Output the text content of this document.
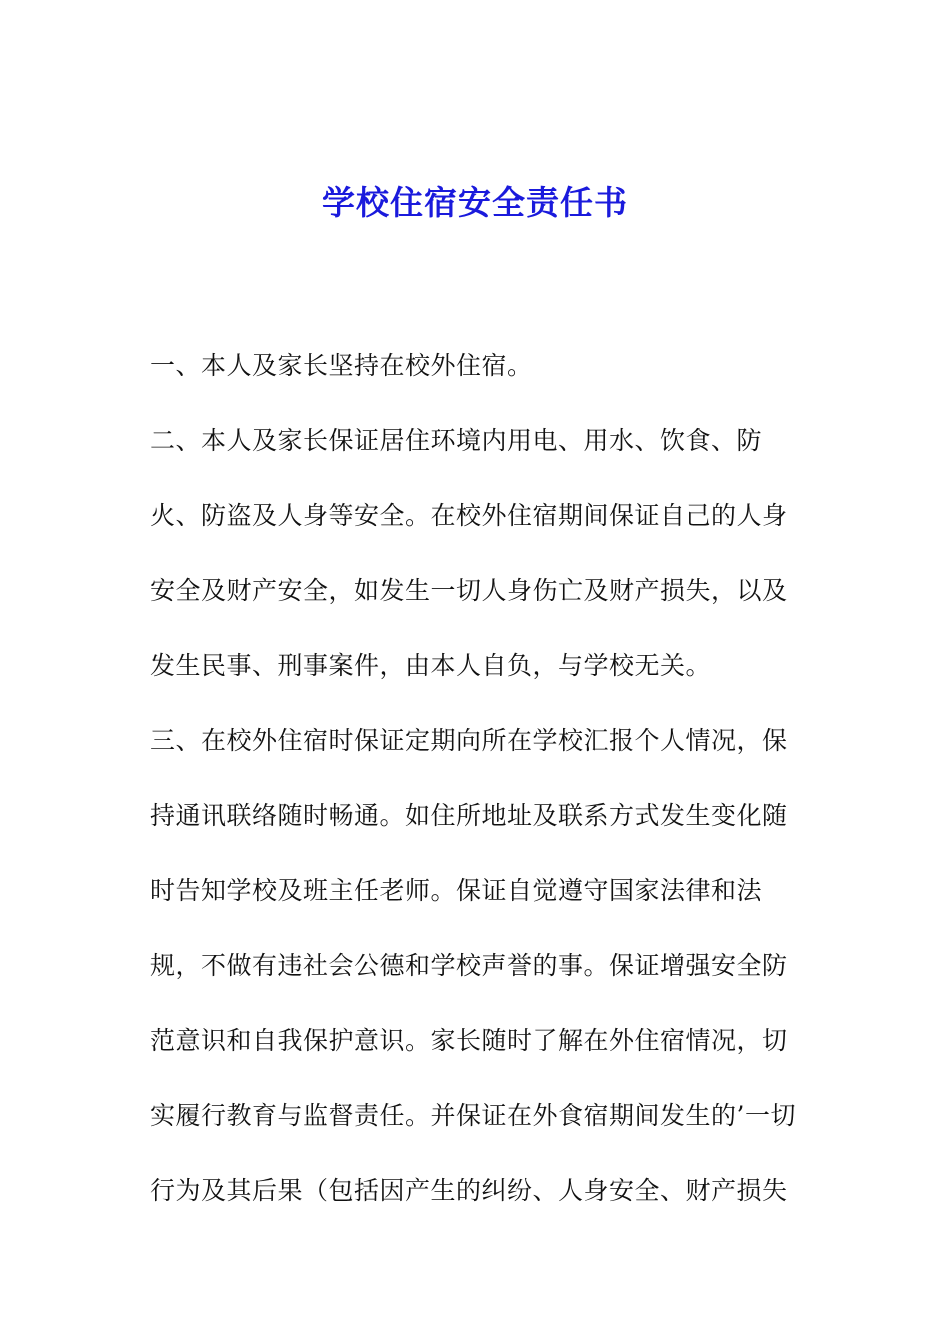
学校住宿安全责任书
一、本人及家长坚持在校外住宿。
二、本人及家长保证居住环境内用电、用水、饮食、防
火、防盗及人身等安全。在校外住宿期间保证自己的人身
安全及财产安全，如发生一切人身伤亡及财产损失，以及
发生民事、刑事案件，由本人自负，与学校无关。
三、在校外住宿时保证定期向所在学校汇报个人情况，保
持通讯联络随时畅通。如住所地址及联系方式发生变化随
时告知学校及班主任老师。保证自觉遵守国家法律和法
规，不做有违社会公德和学校声誉的事。保证增强安全防
范意识和自我保护意识。家长随时了解在外住宿情况，切
实履行教育与监督责任。并保证在外食宿期间发生的’一切
行为及其后果（包括因产生的纠纷、人身安全、财产损失
